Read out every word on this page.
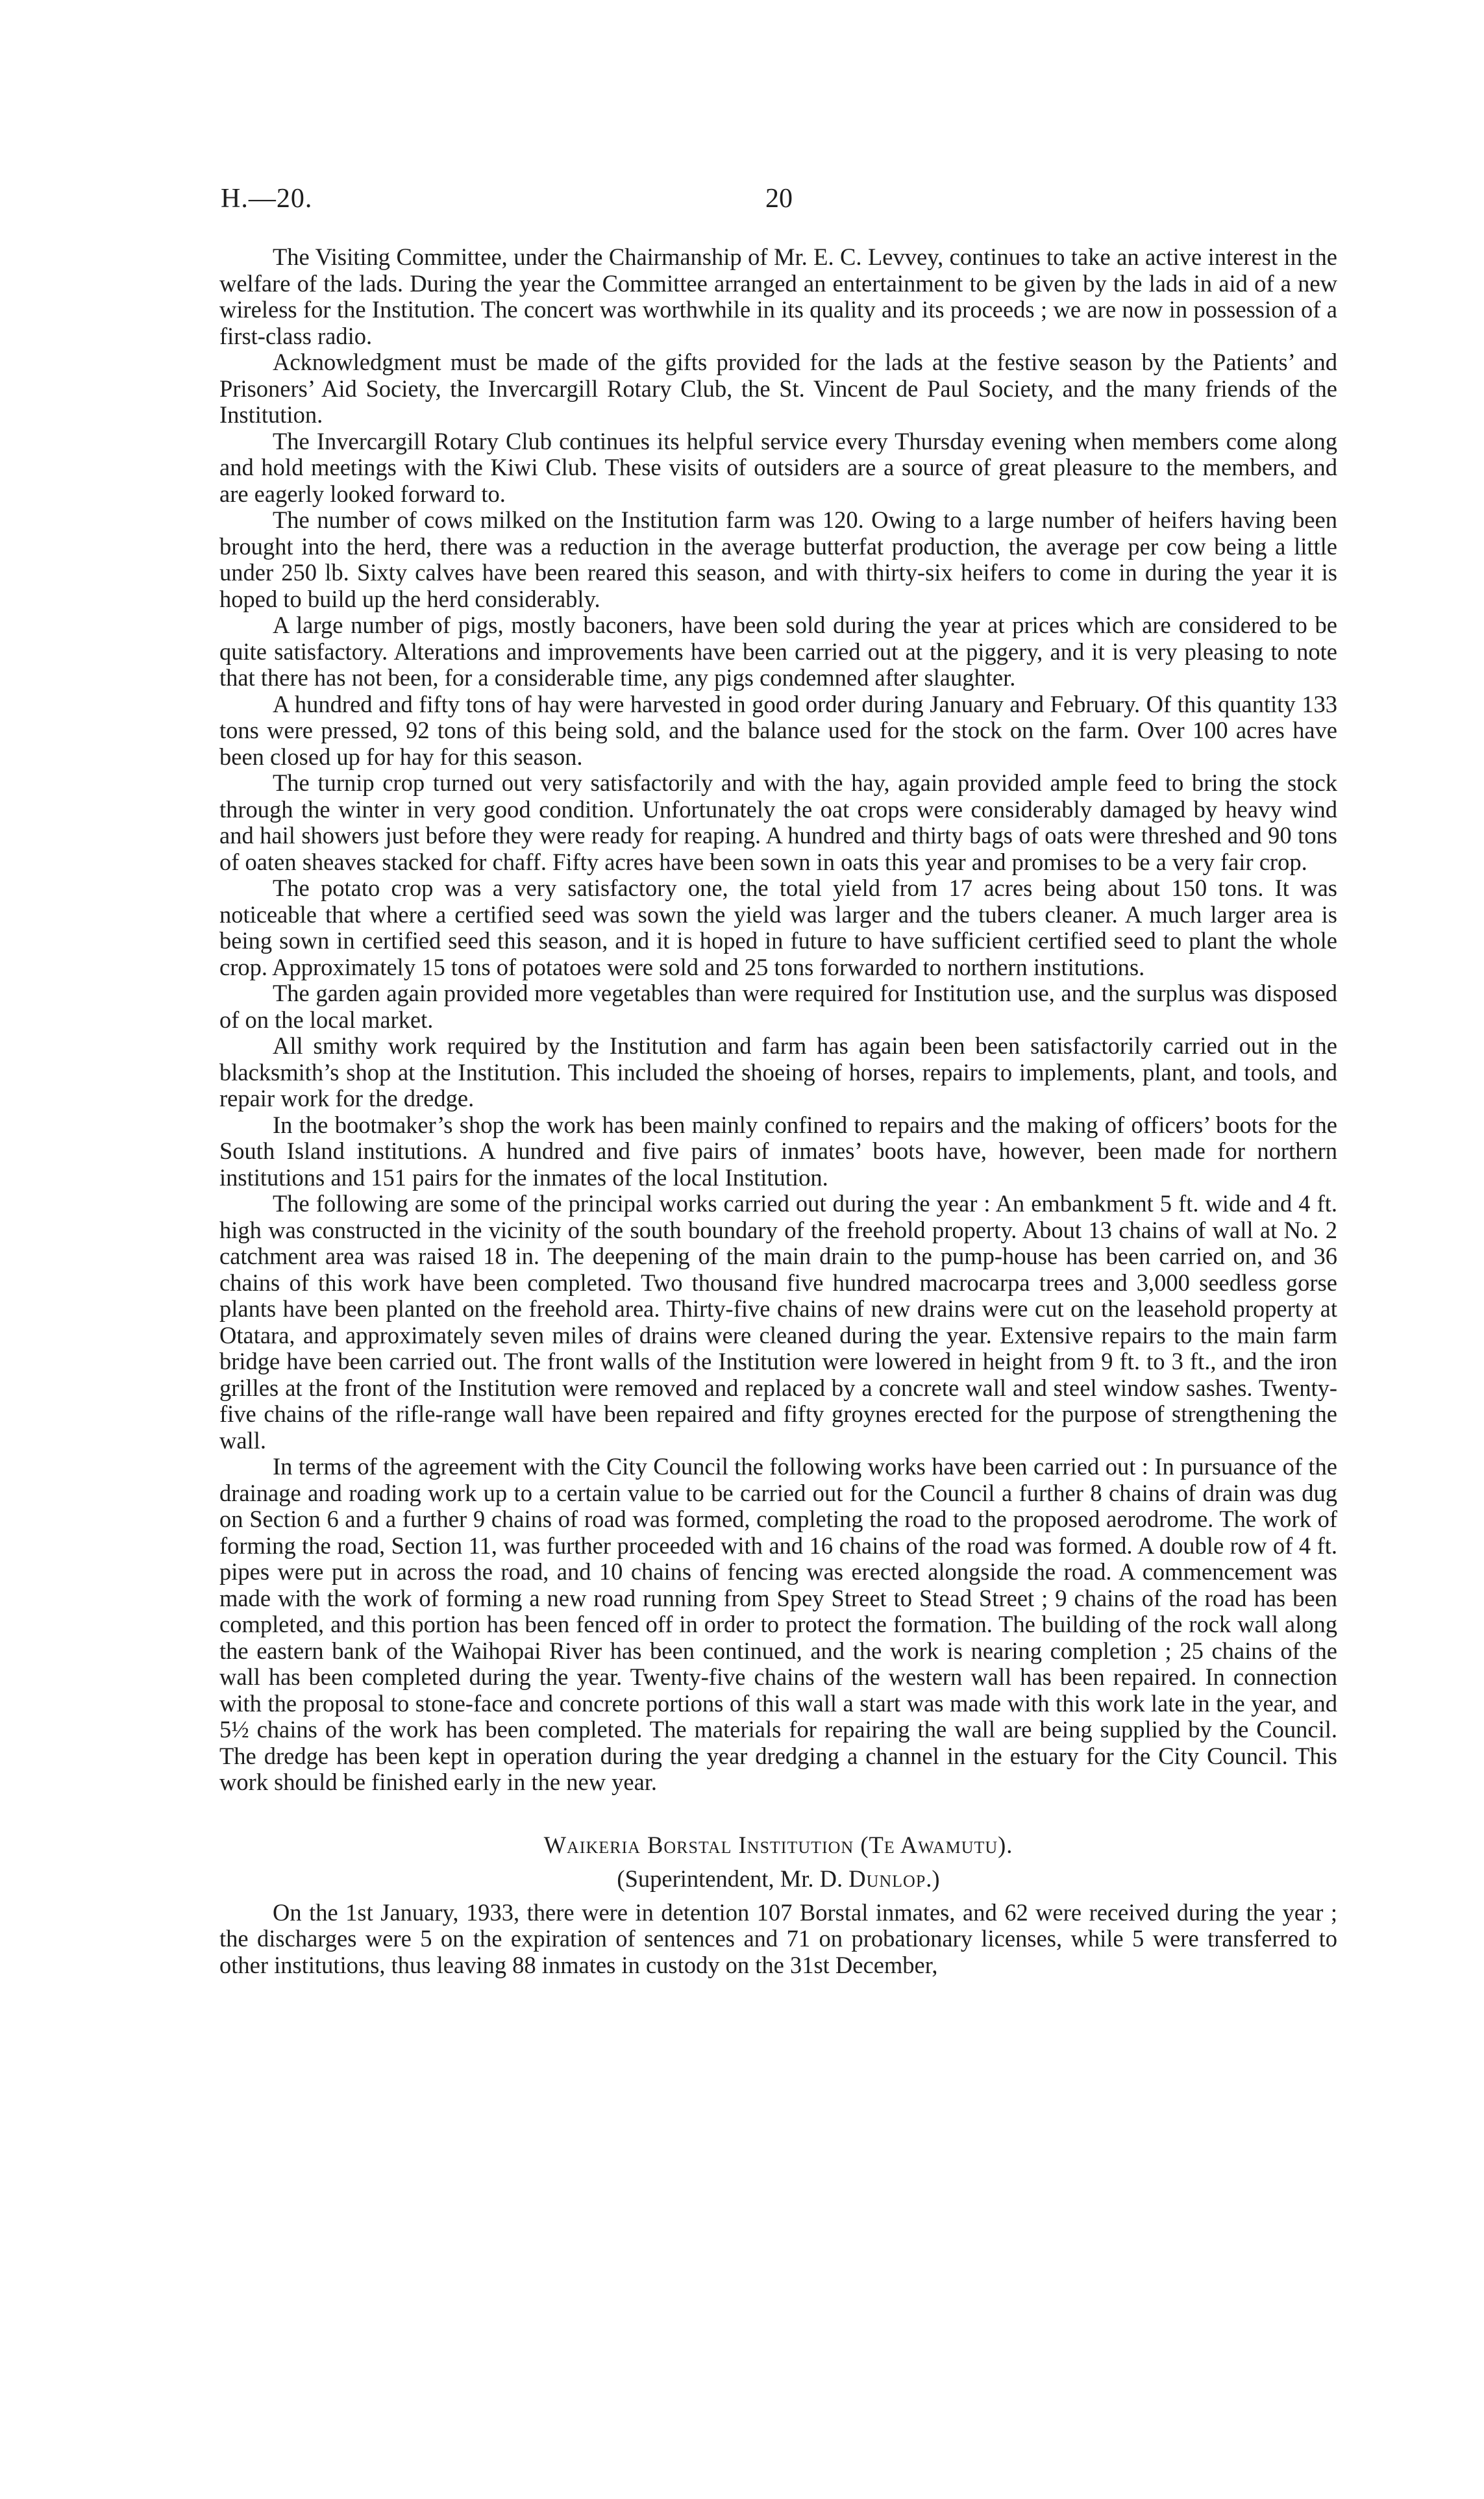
H.—20.	20

The Visiting Committee, under the Chairmanship of Mr. E. C. Levvey, continues to take an active interest in the welfare of the lads. During the year the Committee arranged an entertainment to be given by the lads in aid of a new wireless for the Institution. The concert was worthwhile in its quality and its proceeds ; we are now in possession of a first-class radio.

Acknowledgment must be made of the gifts provided for the lads at the festive season by the Patients’ and Prisoners’ Aid Society, the Invercargill Rotary Club, the St. Vincent de Paul Society, and the many friends of the Institution.

The Invercargill Rotary Club continues its helpful service every Thursday evening when members come along and hold meetings with the Kiwi Club. These visits of outsiders are a source of great pleasure to the members, and are eagerly looked forward to.

The number of cows milked on the Institution farm was 120. Owing to a large number of heifers having been brought into the herd, there was a reduction in the average butterfat production, the average per cow being a little under 250 lb. Sixty calves have been reared this season, and with thirty-six heifers to come in during the year it is hoped to build up the herd considerably.

A large number of pigs, mostly baconers, have been sold during the year at prices which are considered to be quite satisfactory. Alterations and improvements have been carried out at the piggery, and it is very pleasing to note that there has not been, for a considerable time, any pigs condemned after slaughter.

A hundred and fifty tons of hay were harvested in good order during January and February. Of this quantity 133 tons were pressed, 92 tons of this being sold, and the balance used for the stock on the farm. Over 100 acres have been closed up for hay for this season.

The turnip crop turned out very satisfactorily and with the hay, again provided ample feed to bring the stock through the winter in very good condition. Unfortunately the oat crops were considerably damaged by heavy wind and hail showers just before they were ready for reaping. A hundred and thirty bags of oats were threshed and 90 tons of oaten sheaves stacked for chaff. Fifty acres have been sown in oats this year and promises to be a very fair crop.

The potato crop was a very satisfactory one, the total yield from 17 acres being about 150 tons. It was noticeable that where a certified seed was sown the yield was larger and the tubers cleaner. A much larger area is being sown in certified seed this season, and it is hoped in future to have sufficient certified seed to plant the whole crop. Approximately 15 tons of potatoes were sold and 25 tons forwarded to northern institutions.

The garden again provided more vegetables than were required for Institution use, and the surplus was disposed of on the local market.

All smithy work required by the Institution and farm has again been been satisfactorily carried out in the blacksmith’s shop at the Institution. This included the shoeing of horses, repairs to implements, plant, and tools, and repair work for the dredge.

In the bootmaker’s shop the work has been mainly confined to repairs and the making of officers’ boots for the South Island institutions. A hundred and five pairs of inmates’ boots have, however, been made for northern institutions and 151 pairs for the inmates of the local Institution.

The following are some of the principal works carried out during the year : An embankment 5 ft. wide and 4 ft. high was constructed in the vicinity of the south boundary of the freehold property. About 13 chains of wall at No. 2 catchment area was raised 18 in. The deepening of the main drain to the pump-house has been carried on, and 36 chains of this work have been completed. Two thousand five hundred macrocarpa trees and 3,000 seedless gorse plants have been planted on the freehold area. Thirty-five chains of new drains were cut on the leasehold property at Otatara, and approximately seven miles of drains were cleaned during the year. Extensive repairs to the main farm bridge have been carried out. The front walls of the Institution were lowered in height from 9 ft. to 3 ft., and the iron grilles at the front of the Institution were removed and replaced by a concrete wall and steel window sashes. Twenty-five chains of the rifle-range wall have been repaired and fifty groynes erected for the purpose of strengthening the wall.

In terms of the agreement with the City Council the following works have been carried out : In pursuance of the drainage and roading work up to a certain value to be carried out for the Council a further 8 chains of drain was dug on Section 6 and a further 9 chains of road was formed, completing the road to the proposed aerodrome. The work of forming the road, Section 11, was further proceeded with and 16 chains of the road was formed. A double row of 4 ft. pipes were put in across the road, and 10 chains of fencing was erected alongside the road. A commencement was made with the work of forming a new road running from Spey Street to Stead Street ; 9 chains of the road has been completed, and this portion has been fenced off in order to protect the formation. The building of the rock wall along the eastern bank of the Waihopai River has been continued, and the work is nearing completion ; 25 chains of the wall has been completed during the year. Twenty-five chains of the western wall has been repaired. In connection with the proposal to stone-face and concrete portions of this wall a start was made with this work late in the year, and 5½ chains of the work has been completed. The materials for repairing the wall are being supplied by the Council. The dredge has been kept in operation during the year dredging a channel in the estuary for the City Council. This work should be finished early in the new year.

Waikeria Borstal Institution (Te Awamutu).
(Superintendent, Mr. D. Dunlop.)

On the 1st January, 1933, there were in detention 107 Borstal inmates, and 62 were received during the year ; the discharges were 5 on the expiration of sentences and 71 on probationary licenses, while 5 were transferred to other institutions, thus leaving 88 inmates in custody on the 31st December,
